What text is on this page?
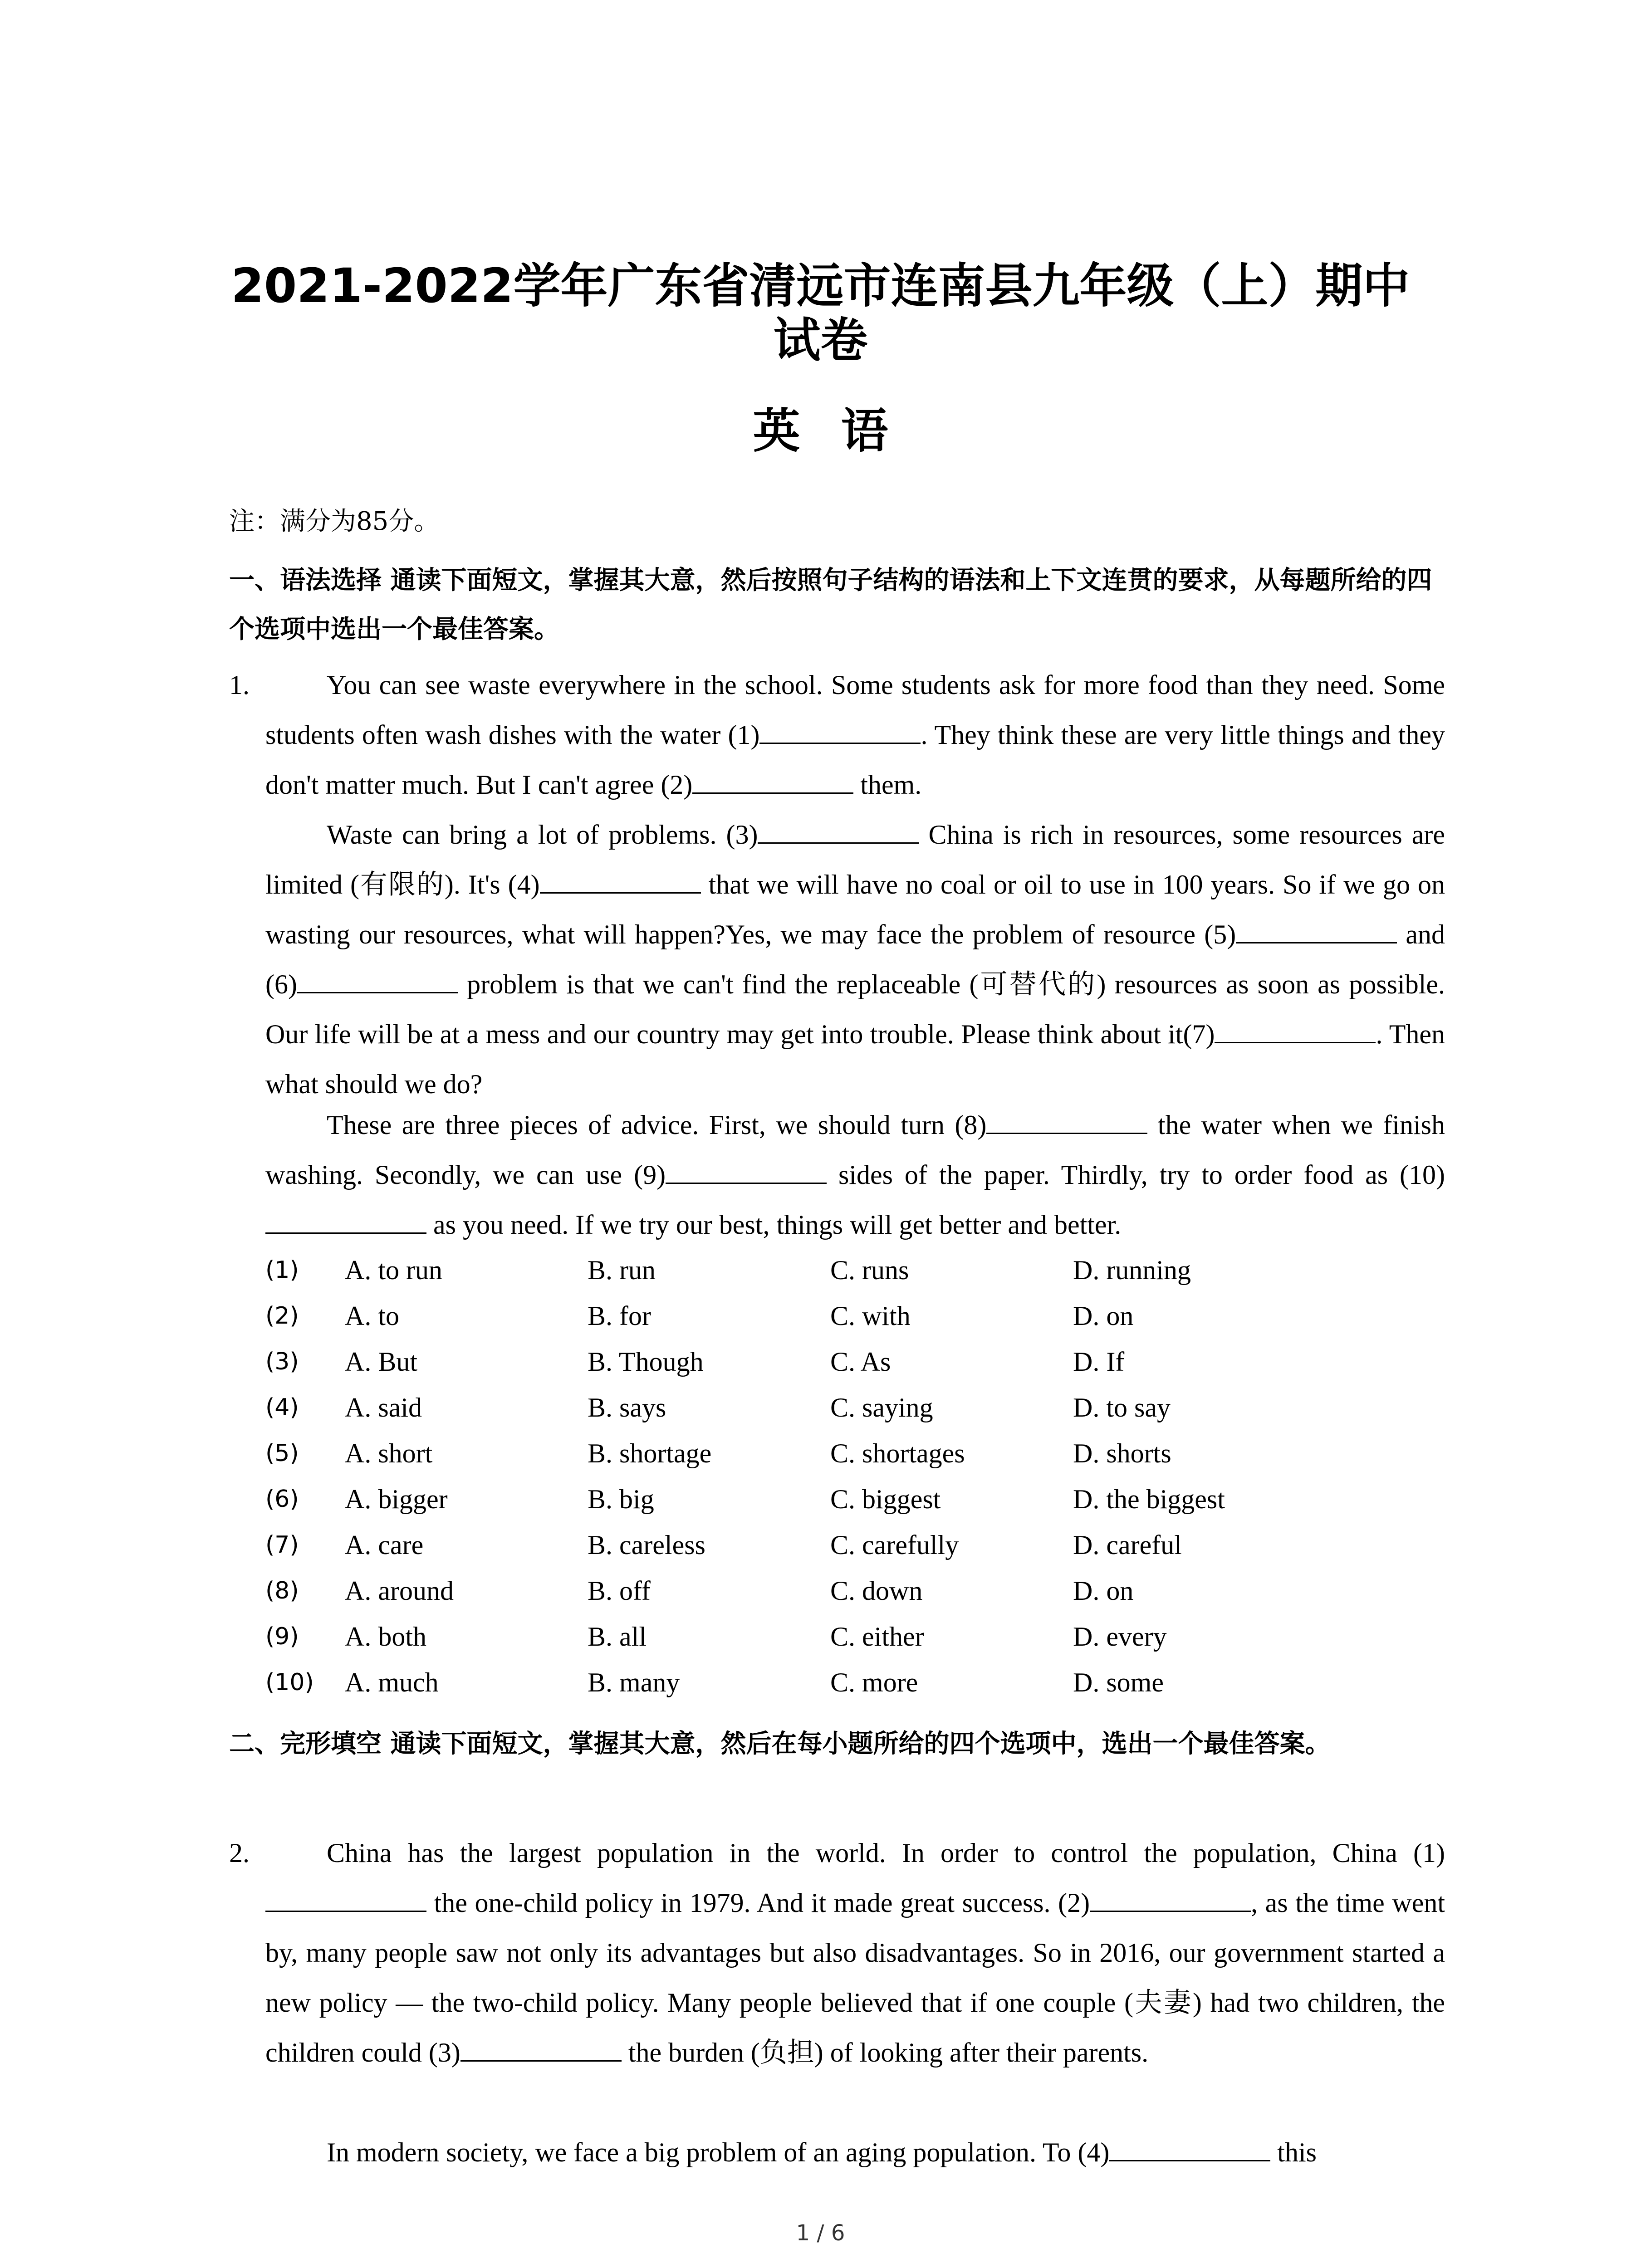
2021-2022学年广东省清远市连南县九年级（上）期中
试卷
英语
注：满分为85分。
一、语法选择 通读下面短文，掌握其大意，然后按照句子结构的语法和上下文连贯的要求，从每题所给的四个选项中选出一个最佳答案。
1.	You can see waste everywhere in the school. Some students ask for more food than they need. Some students often wash dishes with the water (1)	. They think these are very little things and they don't matter much. But I can't agree (2)	them.
Waste can bring a lot of problems. (3)	China is rich in resources, some resources are limited (有限的). It's (4)	that we will have no coal or oil to use in 100 years. So if we go on wasting our resources, what will happen?Yes, we may face the problem of resource (5)	and (6)	problem is that we can't find the replaceable (可替代的) resources as soon as possible. Our life will be at a mess and our country may get into trouble. Please think about it(7)	. Then what should we do?
These are three pieces of advice. First, we should turn (8)	the water when we finish washing. Secondly, we can use (9)	sides of the paper. Thirdly, try to order food as (10) as you need. If we try our best, things will get better and better.
(1) A. to run	B. run	C. runs	D. running
(2) A. to	B. for	C. with	D. on
(3) A. But	B. Though	C. As	D. If
(4) A. said	B. says	C. saying	D. to say
(5) A. short	B. shortage	C. shortages	D. shorts
(6) A. bigger	B. big	C. biggest	D. the biggest
(7) A. care	B. careless	C. carefully	D. careful
(8) A. around	B. off	C. down	D. on
(9) A. both	B. all	C. either	D. every
(10) A. much	B. many	C. more	D. some
二、完形填空 通读下面短文，掌握其大意，然后在每小题所给的四个选项中，选出一个最佳答案。
2.	China has the largest population in the world. In order to control the population, China (1) the one-child policy in 1979. And it made great success. (2)	, as the time went by, many people saw not only its advantages but also disadvantages. So in 2016, our government started a new policy — the two-child policy. Many people believed that if one couple (夫妻) had two children, the children could (3)	the burden (负担) of looking after their parents.
In modern society, we face a big problem of an aging population. To (4)	this
1 / 6
